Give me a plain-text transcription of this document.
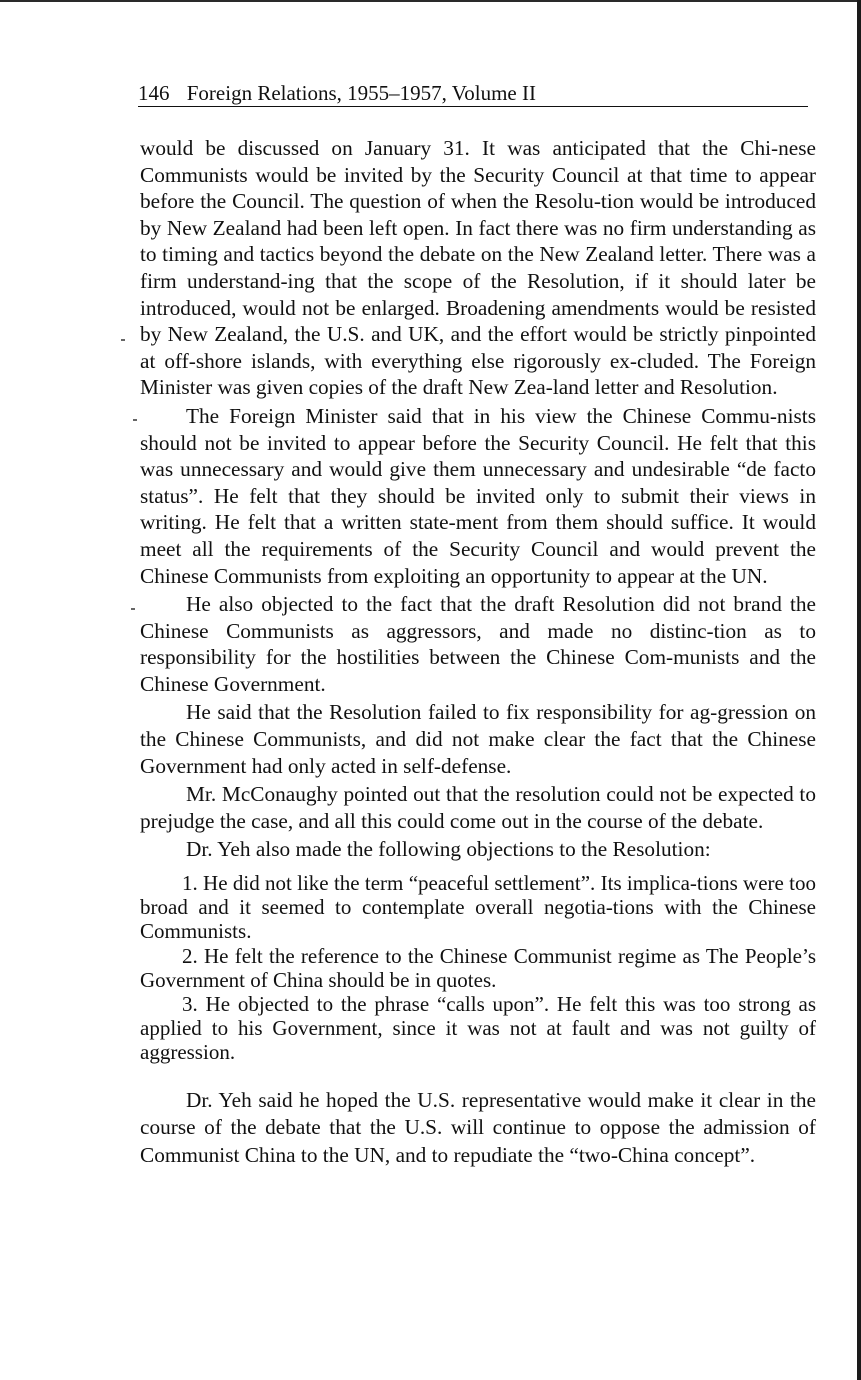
146 Foreign Relations, 1955–1957, Volume II

would be discussed on January 31. It was anticipated that the Chi-nese Communists would be invited by the Security Council at that time to appear before the Council. The question of when the Resolu-tion would be introduced by New Zealand had been left open. In fact there was no firm understanding as to timing and tactics beyond the debate on the New Zealand letter. There was a firm understand-ing that the scope of the Resolution, if it should later be introduced, would not be enlarged. Broadening amendments would be resisted by New Zealand, the U.S. and UK, and the effort would be strictly pinpointed at off-shore islands, with everything else rigorously ex-cluded. The Foreign Minister was given copies of the draft New Zea-land letter and Resolution.

The Foreign Minister said that in his view the Chinese Commu-nists should not be invited to appear before the Security Council. He felt that this was unnecessary and would give them unnecessary and undesirable “de facto status”. He felt that they should be invited only to submit their views in writing. He felt that a written state-ment from them should suffice. It would meet all the requirements of the Security Council and would prevent the Chinese Communists from exploiting an opportunity to appear at the UN.

He also objected to the fact that the draft Resolution did not brand the Chinese Communists as aggressors, and made no distinc-tion as to responsibility for the hostilities between the Chinese Com-munists and the Chinese Government.

He said that the Resolution failed to fix responsibility for ag-gression on the Chinese Communists, and did not make clear the fact that the Chinese Government had only acted in self-defense.

Mr. McConaughy pointed out that the resolution could not be expected to prejudge the case, and all this could come out in the course of the debate.

Dr. Yeh also made the following objections to the Resolution:

1. He did not like the term “peaceful settlement”. Its implica-tions were too broad and it seemed to contemplate overall negotia-tions with the Chinese Communists.
2. He felt the reference to the Chinese Communist regime as The People’s Government of China should be in quotes.
3. He objected to the phrase “calls upon”. He felt this was too strong as applied to his Government, since it was not at fault and was not guilty of aggression.

Dr. Yeh said he hoped the U.S. representative would make it clear in the course of the debate that the U.S. will continue to oppose the admission of Communist China to the UN, and to repudiate the “two-China concept”.
